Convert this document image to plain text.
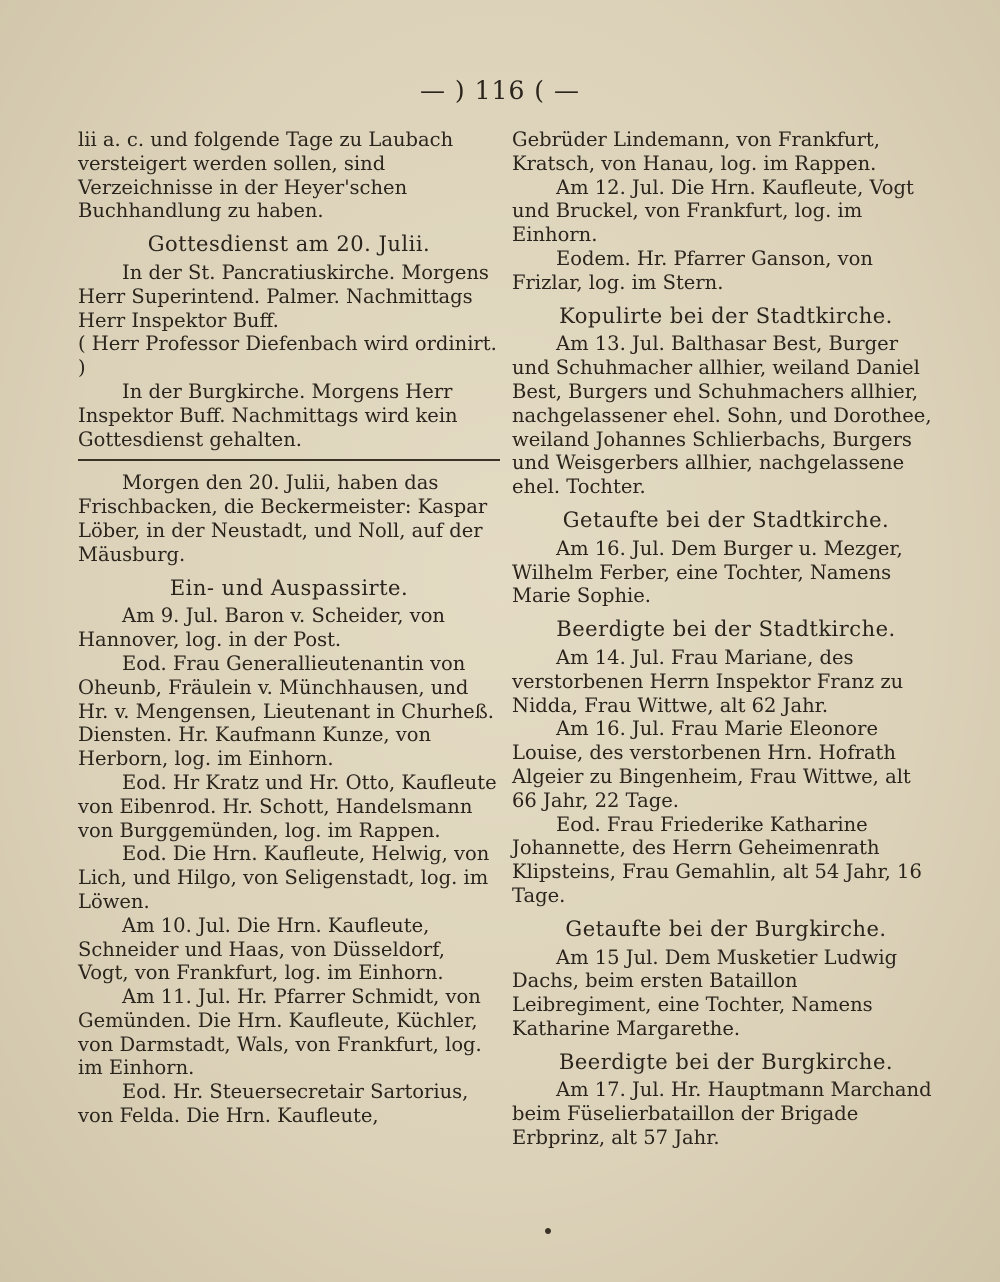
— ) 116 ( —

lii a. c. und folgende Tage zu Laubach versteigert werden sollen, sind Verzeichnisse in der Heyer'schen Buchhandlung zu haben.

Gottesdienst am 20. Julii.

In der St. Pancratiuskirche. Morgens Herr Superintend. Palmer. Nachmittags Herr Inspektor Buff.

( Herr Professor Diefenbach wird ordinirt. )

In der Burgkirche. Morgens Herr Inspektor Buff. Nachmittags wird kein Gottesdienst gehalten.

Morgen den 20. Julii, haben das Frischbacken, die Beckermeister: Kaspar Löber, in der Neustadt, und Noll, auf der Mäusburg.

Ein- und Auspassirte.

Am 9. Jul. Baron v. Scheider, von Hannover, log. in der Post.

Eod. Frau Generallieutenantin von Oheunb, Fräulein v. Münchhausen, und Hr. v. Mengensen, Lieutenant in Churheß. Diensten. Hr. Kaufmann Kunze, von Herborn, log. im Einhorn.

Eod. Hr Kratz und Hr. Otto, Kaufleute von Eibenrod. Hr. Schott, Handelsmann von Burggemünden, log. im Rappen.

Eod. Die Hrn. Kaufleute, Helwig, von Lich, und Hilgo, von Seligenstadt, log. im Löwen.

Am 10. Jul. Die Hrn. Kaufleute, Schneider und Haas, von Düsseldorf, Vogt, von Frankfurt, log. im Einhorn.

Am 11. Jul. Hr. Pfarrer Schmidt, von Gemünden. Die Hrn. Kaufleute, Küchler, von Darmstadt, Wals, von Frankfurt, log. im Einhorn.

Eod. Hr. Steuersecretair Sartorius, von Felda. Die Hrn. Kaufleute,

Gebrüder Lindemann, von Frankfurt, Kratsch, von Hanau, log. im Rappen.

Am 12. Jul. Die Hrn. Kaufleute, Vogt und Bruckel, von Frankfurt, log. im Einhorn.

Eodem. Hr. Pfarrer Ganson, von Frizlar, log. im Stern.

Kopulirte bei der Stadtkirche.

Am 13. Jul. Balthasar Best, Burger und Schuhmacher allhier, weiland Daniel Best, Burgers und Schuhmachers allhier, nachgelassener ehel. Sohn, und Dorothee, weiland Johannes Schlierbachs, Burgers und Weisgerbers allhier, nachgelassene ehel. Tochter.

Getaufte bei der Stadtkirche.

Am 16. Jul. Dem Burger u. Mezger, Wilhelm Ferber, eine Tochter, Namens Marie Sophie.

Beerdigte bei der Stadtkirche.

Am 14. Jul. Frau Mariane, des verstorbenen Herrn Inspektor Franz zu Nidda, Frau Wittwe, alt 62 Jahr.

Am 16. Jul. Frau Marie Eleonore Louise, des verstorbenen Hrn. Hofrath Algeier zu Bingenheim, Frau Wittwe, alt 66 Jahr, 22 Tage.

Eod. Frau Friederike Katharine Johannette, des Herrn Geheimenrath Klipsteins, Frau Gemahlin, alt 54 Jahr, 16 Tage.

Getaufte bei der Burgkirche.

Am 15 Jul. Dem Musketier Ludwig Dachs, beim ersten Bataillon Leibregiment, eine Tochter, Namens Katharine Margarethe.

Beerdigte bei der Burgkirche.

Am 17. Jul. Hr. Hauptmann Marchand beim Füselierbataillon der Brigade Erbprinz, alt 57 Jahr.
